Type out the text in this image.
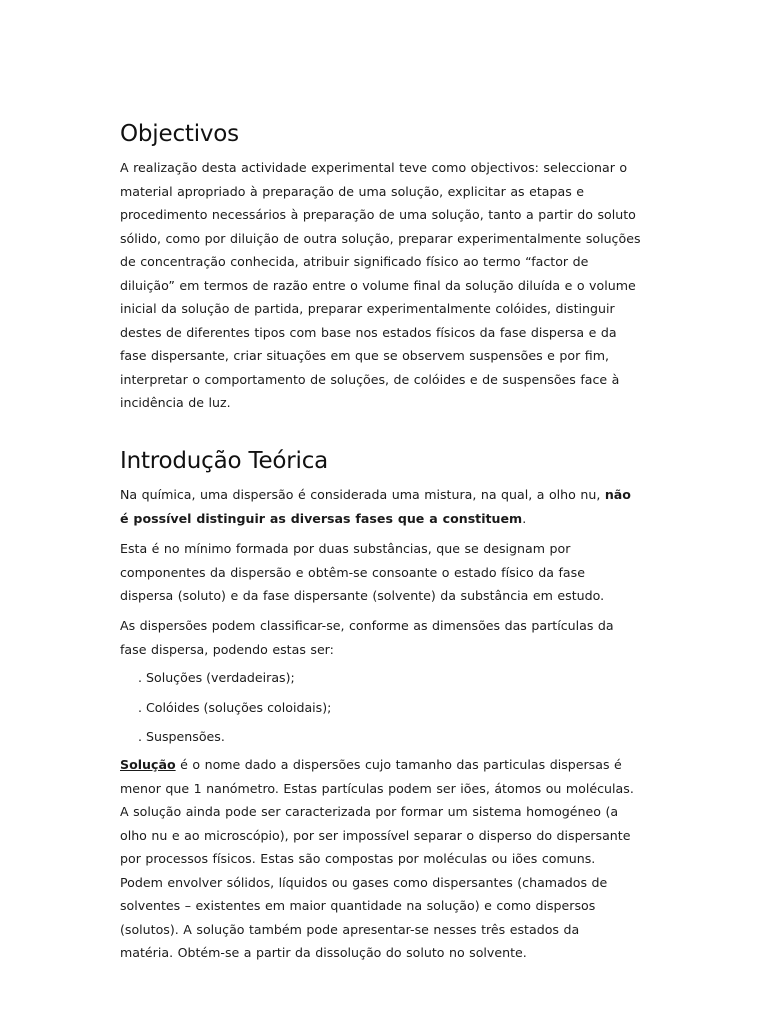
Objectivos

A realização desta actividade experimental teve como objectivos: seleccionar o
material apropriado à preparação de uma solução, explicitar as etapas e
procedimento necessários à preparação de uma solução, tanto a partir do soluto
sólido, como por diluição de outra solução, preparar experimentalmente soluções
de concentração conhecida, atribuir significado físico ao termo “factor de
diluição” em termos de razão entre o volume final da solução diluída e o volume
inicial da solução de partida, preparar experimentalmente colóides, distinguir
destes de diferentes tipos com base nos estados físicos da fase dispersa e da
fase dispersante, criar situações em que se observem suspensões e por fim,
interpretar o comportamento de soluções, de colóides e de suspensões face à
incidência de luz.

Introdução Teórica

Na química, uma dispersão é considerada uma mistura, na qual, a olho nu, não
é possível distinguir as diversas fases que a constituem.

Esta é no mínimo formada por duas substâncias, que se designam por
componentes da dispersão e obtêm-se consoante o estado físico da fase
dispersa (soluto) e da fase dispersante (solvente) da substância em estudo.

As dispersões podem classificar-se, conforme as dimensões das partículas da
fase dispersa, podendo estas ser:

. Soluções (verdadeiras);
. Colóides (soluções coloidais);
. Suspensões.

Solução é o nome dado a dispersões cujo tamanho das particulas dispersas é
menor que 1 nanómetro. Estas partículas podem ser iões, átomos ou moléculas.
A solução ainda pode ser caracterizada por formar um sistema homogéneo (a
olho nu e ao microscópio), por ser impossível separar o disperso do dispersante
por processos físicos. Estas são compostas por moléculas ou iões comuns.
Podem envolver sólidos, líquidos ou gases como dispersantes (chamados de
solventes – existentes em maior quantidade na solução) e como dispersos
(solutos). A solução também pode apresentar-se nesses três estados da
matéria. Obtém-se a partir da dissolução do soluto no solvente.
